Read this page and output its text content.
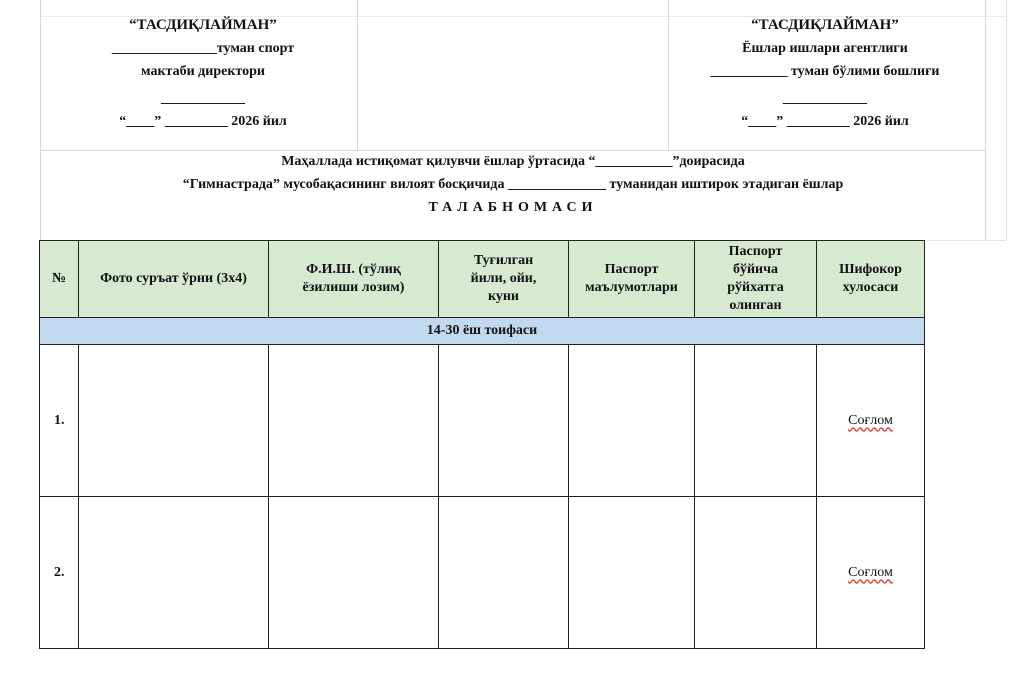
“ТАСДИҚЛАЙМАН”
_______________туман спорт
мактаби директори
____________
“____” _________ 2026 йил
“ТАСДИҚЛАЙМАН”
Ёшлар ишлари агентлиги
___________ туман бўлими бошлиғи
____________
“____” _________ 2026 йил
Маҳаллада истиқомат қилувчи ёшлар ўртасида “___________”доирасида
“Гимнастрада” мусобақасининг вилоят босқичида ______________ туманидан иштирок этадиган ёшлар
ТАЛАБНОМАСИ
№	Фото суръат ўрни (3x4)	Ф.И.Ш. (тўлиқ ёзилиши лозим)	Туғилган йили, ойи, куни	Паспорт маълумотлари	Паспорт бўйича рўйхатга олинган	Шифокор хулосаси

14-30 ёш тоифаси						
1.						Соғлом
2.						Соғлом
